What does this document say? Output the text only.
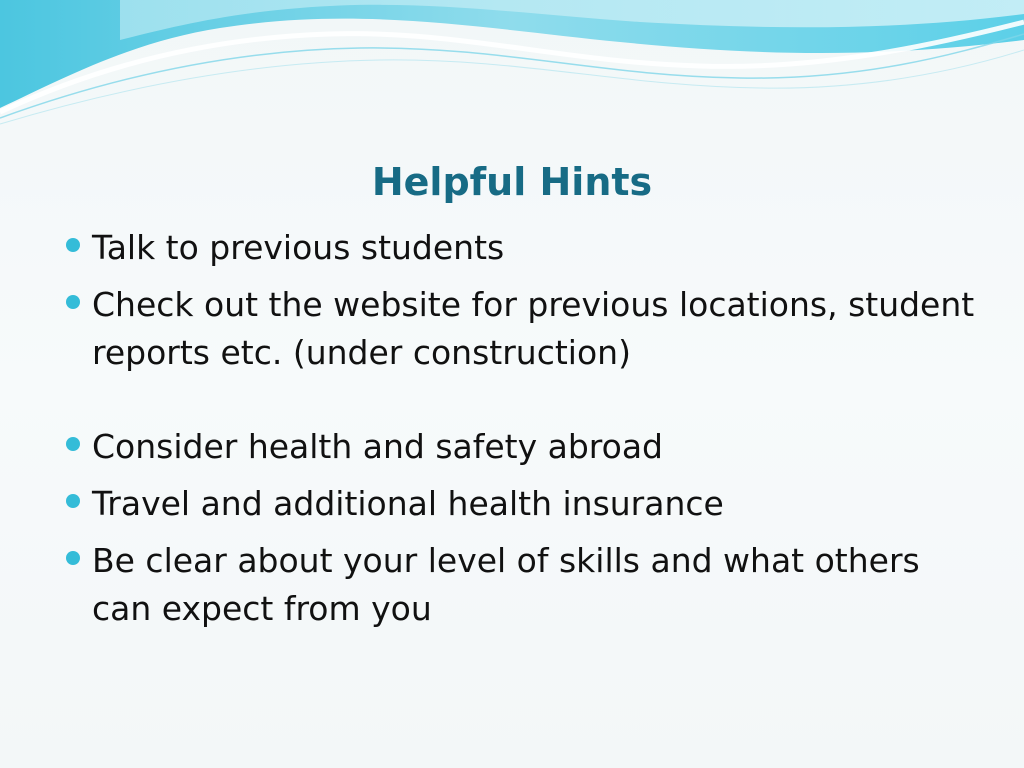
Helpful Hints
Talk to previous students
Check out the website for previous locations, student reports etc. (under construction)
Consider health and safety abroad
Travel and additional health insurance
Be clear about your level of skills and what others can expect from you
